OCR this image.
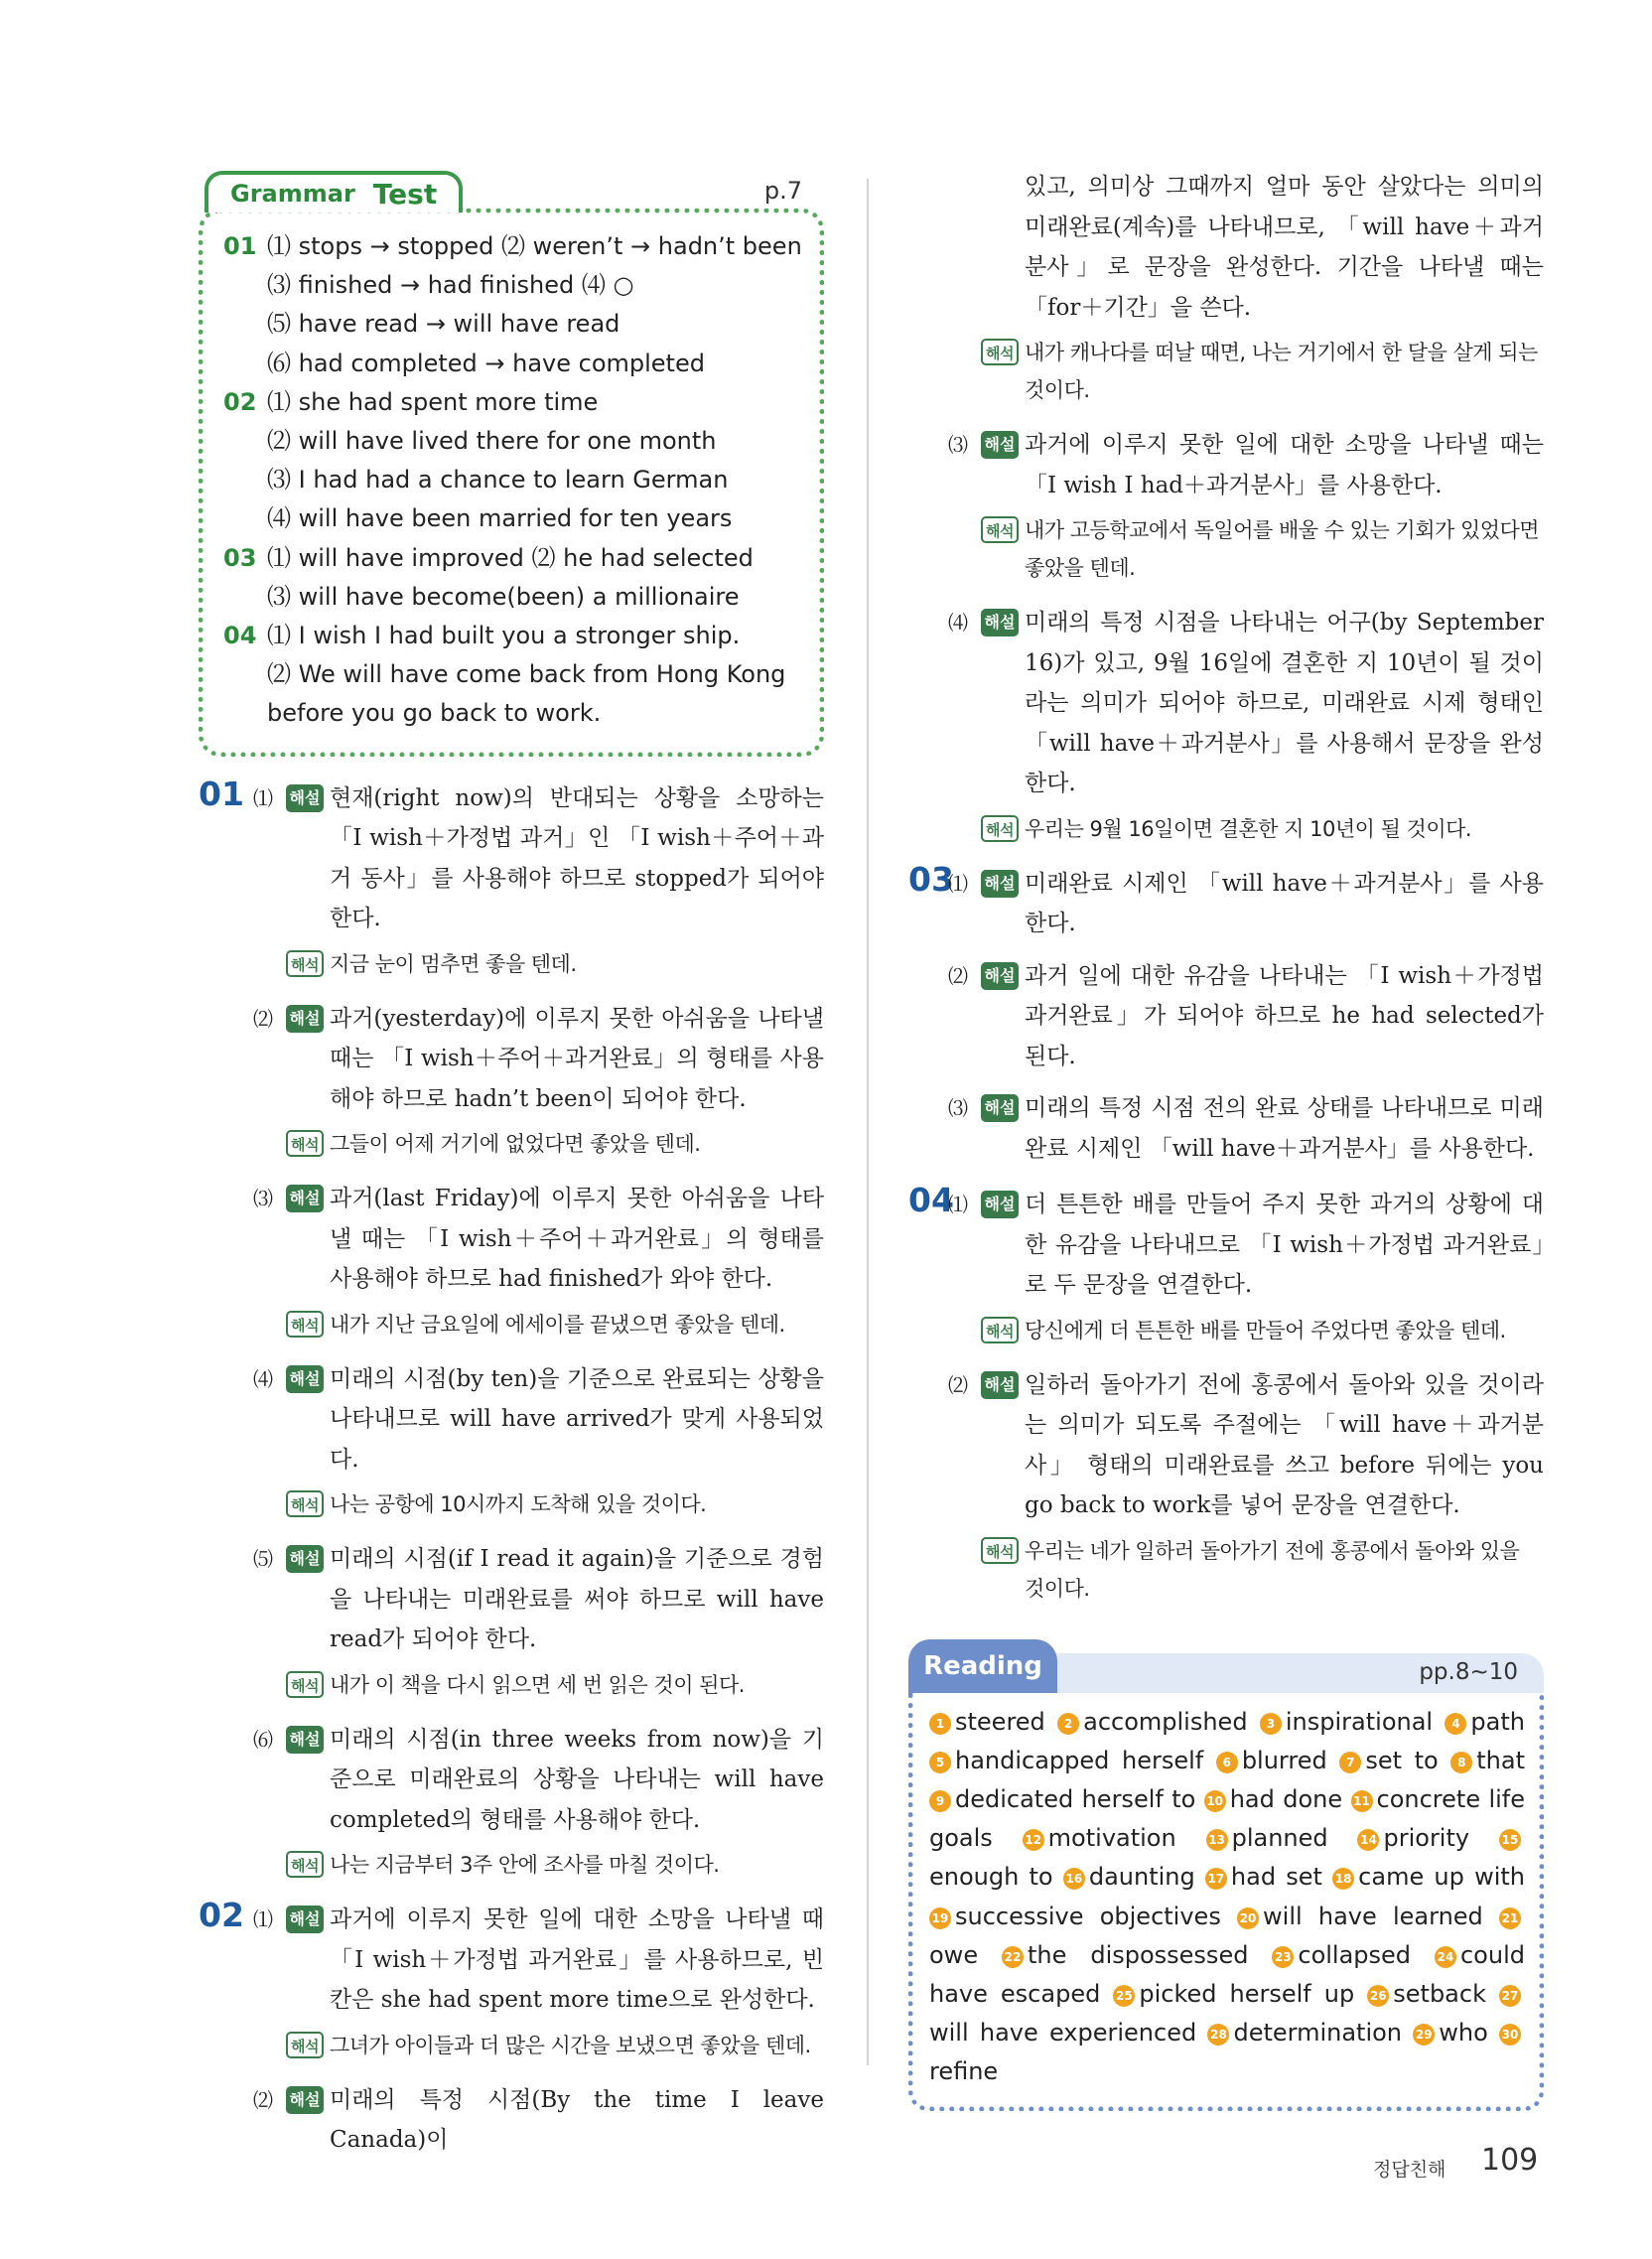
Grammar Test	p.7
01 ⑴ stops → stopped ⑵ weren’t → hadn’t been
⑶ finished → had finished ⑷ ○
⑸ have read → will have read
⑹ had completed → have completed
02 ⑴ she had spent more time
⑵ will have lived there for one month
⑶ I had had a chance to learn German
⑷ will have been married for ten years
03 ⑴ will have improved ⑵ he had selected
⑶ will have become(been) a millionaire
04 ⑴ I wish I had built you a stronger ship.
⑵ We will have come back from Hong Kong
before you go back to work.
01 ⑴ 해설 현재(right now)의 반대되는 상황을 소망하는 「I wish＋가정법 과거」인 「I wish＋주어＋과거 동사」를 사용해야 하므로 stopped가 되어야 한다.
해석 지금 눈이 멈추면 좋을 텐데.
⑵ 해설 과거(yesterday)에 이루지 못한 아쉬움을 나타낼 때는 「I wish＋주어＋과거완료」의 형태를 사용해야 하므로 hadn’t been이 되어야 한다.
해석 그들이 어제 거기에 없었다면 좋았을 텐데.
⑶ 해설 과거(last Friday)에 이루지 못한 아쉬움을 나타낼 때는 「I wish＋주어＋과거완료」의 형태를 사용해야 하므로 had finished가 와야 한다.
해석 내가 지난 금요일에 에세이를 끝냈으면 좋았을 텐데.
⑷ 해설 미래의 시점(by ten)을 기준으로 완료되는 상황을 나타내므로 will have arrived가 맞게 사용되었다.
해석 나는 공항에 10시까지 도착해 있을 것이다.
⑸ 해설 미래의 시점(if I read it again)을 기준으로 경험을 나타내는 미래완료를 써야 하므로 will have read가 되어야 한다.
해석 내가 이 책을 다시 읽으면 세 번 읽은 것이 된다.
⑹ 해설 미래의 시점(in three weeks from now)을 기준으로 미래완료의 상황을 나타내는 will have completed의 형태를 사용해야 한다.
해석 나는 지금부터 3주 안에 조사를 마칠 것이다.
02 ⑴ 해설 과거에 이루지 못한 일에 대한 소망을 나타낼 때 「I wish＋가정법 과거완료」를 사용하므로, 빈칸은 she had spent more time으로 완성한다.
해석 그녀가 아이들과 더 많은 시간을 보냈으면 좋았을 텐데.
⑵ 해설 미래의 특정 시점(By the time I leave Canada)이
있고, 의미상 그때까지 얼마 동안 살았다는 의미의 미래완료(계속)를 나타내므로, 「will have＋과거분사」로 문장을 완성한다. 기간을 나타낼 때는 「for＋기간」을 쓴다.
해석 내가 캐나다를 떠날 때면, 나는 거기에서 한 달을 살게 되는 것이다.
⑶ 해설 과거에 이루지 못한 일에 대한 소망을 나타낼 때는 「I wish I had＋과거분사」를 사용한다.
해석 내가 고등학교에서 독일어를 배울 수 있는 기회가 있었다면 좋았을 텐데.
⑷ 해설 미래의 특정 시점을 나타내는 어구(by September 16)가 있고, 9월 16일에 결혼한 지 10년이 될 것이라는 의미가 되어야 하므로, 미래완료 시제 형태인 「will have＋과거분사」를 사용해서 문장을 완성한다.
해석 우리는 9월 16일이면 결혼한 지 10년이 될 것이다.
03
⑴ 해설 미래완료 시제인 「will have＋과거분사」를 사용한다.
⑵ 해설 과거 일에 대한 유감을 나타내는 「I wish＋가정법 과거완료」가 되어야 하므로 he had selected가 된다.
⑶ 해설 미래의 특정 시점 전의 완료 상태를 나타내므로 미래완료 시제인 「will have＋과거분사」를 사용한다.
04
⑴ 해설 더 튼튼한 배를 만들어 주지 못한 과거의 상황에 대한 유감을 나타내므로 「I wish＋가정법 과거완료」로 두 문장을 연결한다.
해석 당신에게 더 튼튼한 배를 만들어 주었다면 좋았을 텐데.
⑵ 해설 일하러 돌아가기 전에 홍콩에서 돌아와 있을 것이라는 의미가 되도록 주절에는 「will have＋과거분사」 형태의 미래완료를 쓰고 before 뒤에는 you go back to work를 넣어 문장을 연결한다.
해석 우리는 네가 일하러 돌아가기 전에 홍콩에서 돌아와 있을 것이다.
Reading	pp.8~10
1 steered 2 accomplished 3 inspirational 4 path 5 handicapped herself 6 blurred 7 set to 8 that 9 dedicated herself to 10 had done 11 concrete life goals	12 motivation	13 planned	14 priority	15enough to 16 daunting 17 had set 18 came up with 19 successive objectives 20 will have learned 21owe 22 the dispossessed 23 collapsed 24 could have escaped 25 picked herself up 26 setback 27will have experienced 28 determination 29 who 30refine
정답친해 109
